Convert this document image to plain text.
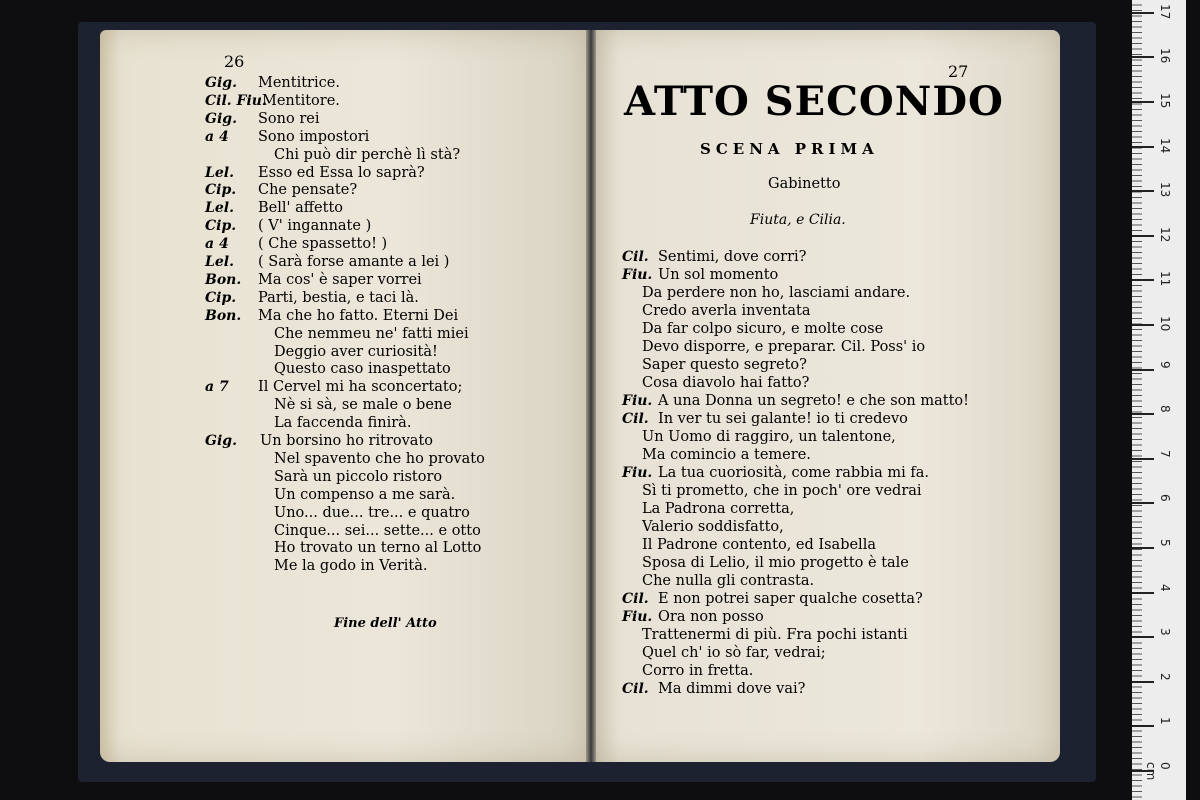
26
Gig. Mentitrice.
Cil. Fiu.
Mentitore.
Gig. Sono rei
a 4 Sono impostori
Chi può dir perchè lì stà?
Lel. Esso ed Essa lo saprà?
Cip. Che pensate?
Lel. Bell' affetto
Cip. ( V' ingannate )
a 4 ( Che spassetto! )
Lel. ( Sarà forse amante a lei )
Bon. Ma cos' è saper vorrei
Cip. Parti, bestia, e taci là.
Bon. Ma che ho fatto. Eterni Dei
Che nemmeu ne' fatti miei
Deggio aver curiosità!
Questo caso inaspettato
a 7 Il Cervel mi ha sconcertato;
Nè si sà, se male o bene
La faccenda finirà.
Gig. Un borsino ho ritrovato
Nel spavento che ho provato
Sarà un piccolo ristoro
Un compenso a me sarà.
Uno... due... tre... e quatro
Cinque... sei... sette... e otto
Ho trovato un terno al Lotto
Me la godo in Verità.
Fine dell' Atto
27
ATTO SECONDO
SCENA PRIMA
Gabinetto
Fiuta, e Cilia.
Cil. Sentimi, dove corri?
Fiu. Un sol momento
Da perdere non ho, lasciami andare.
Credo averla inventata
Da far colpo sicuro, e molte cose
Devo disporre, e preparar. Cil. Poss' io
Saper questo segreto?
Cosa diavolo hai fatto?
Fiu. A una Donna un segreto! e che son matto!
Cil. In ver tu sei galante! io ti credevo
Un Uomo di raggiro, un talentone,
Ma comincio a temere.
Fiu. La tua cuoriosità, come rabbia mi fa.
Sì ti prometto, che in poch' ore vedrai
La Padrona corretta,
Valerio soddisfatto,
Il Padrone contento, ed Isabella
Sposa di Lelio, il mio progetto è tale
Che nulla gli contrasta.
Cil. E non potrei saper qualche cosetta?
Fiu. Ora non posso
Trattenermi di più. Fra pochi istanti
Quel ch' io sò far, vedrai;
Corro in fretta.
Cil. Ma dimmi dove vai?
0 cm
1
2
3
4
5
6
7
8
9
10
11
12
13
14
15
16
17
